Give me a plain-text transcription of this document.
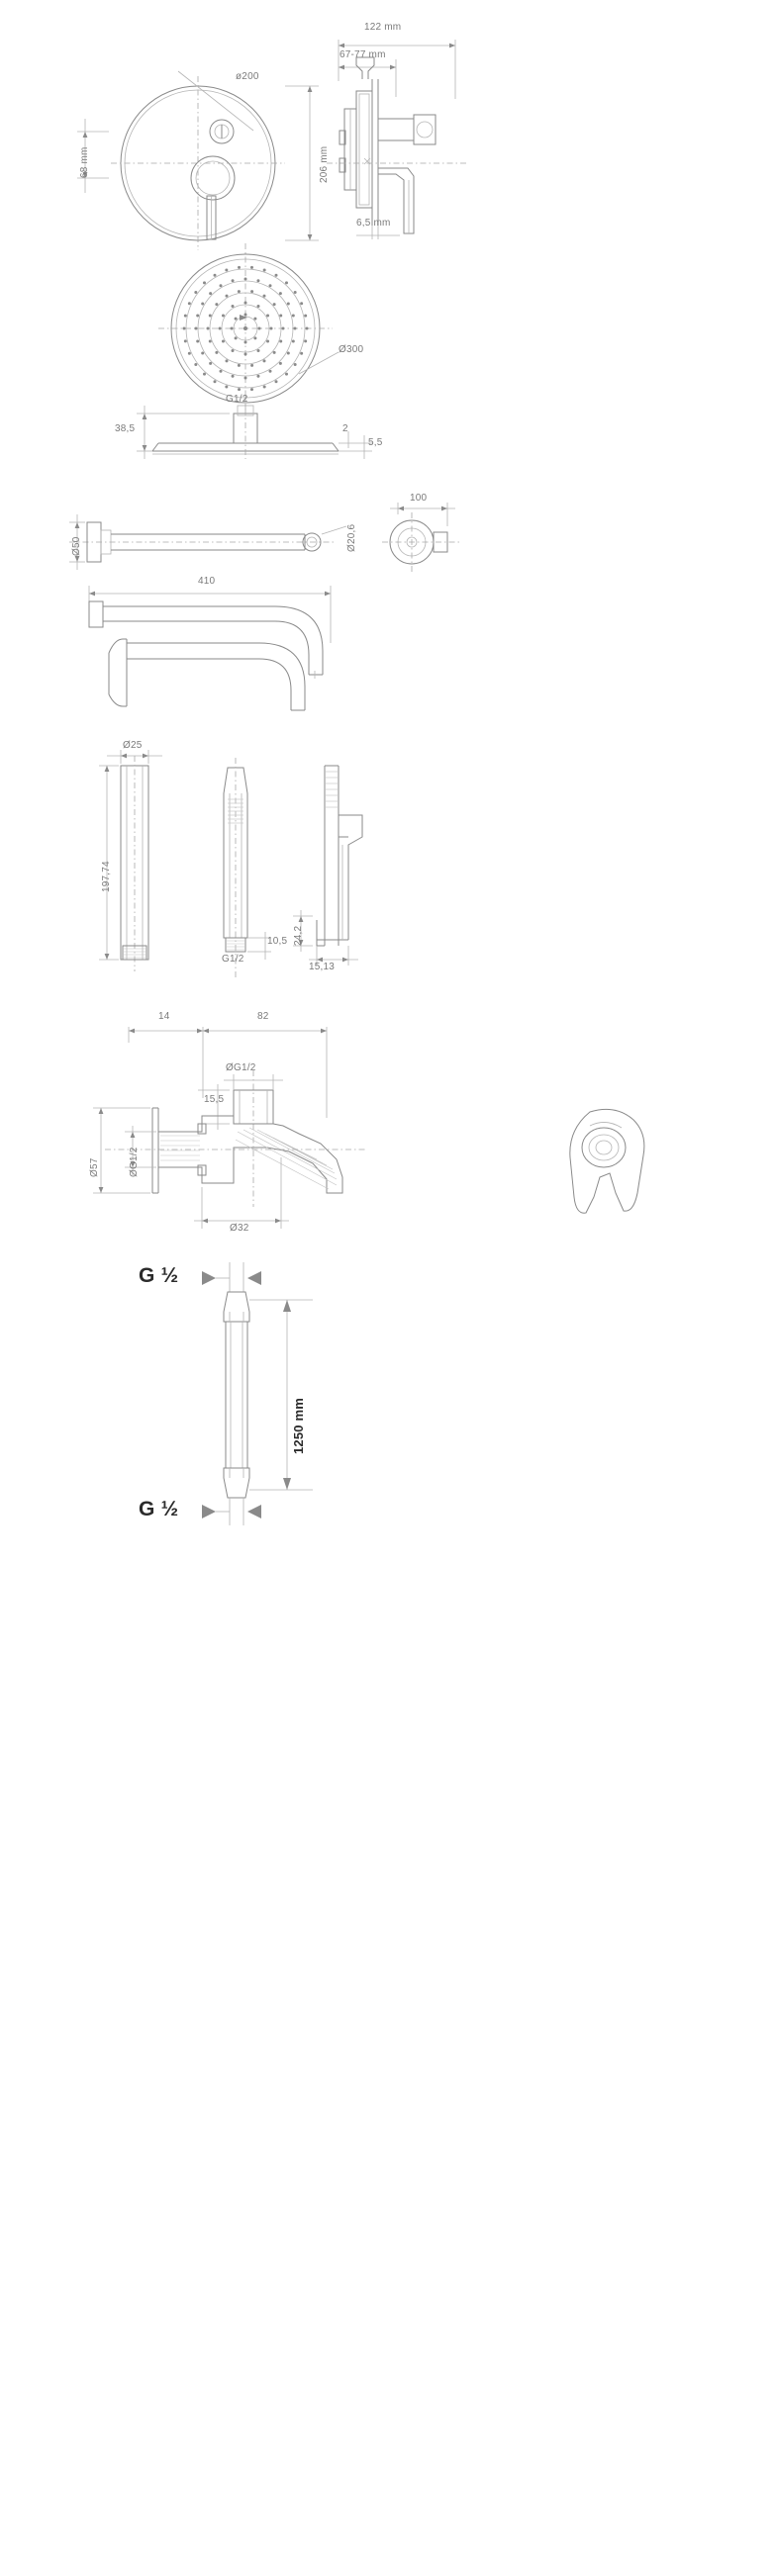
ø200
206 mm
68 mm
122 mm
67-77 mm
6,5 mm
Ø300
G1/2
38,5	2
5,5
Ø50	Ø20,6
100
410
Ø25
197,74
G1/2
10,5 24,2
15,13
14	82
ØG1/2
15,5
ØG1/2
Ø57
Ø32
G ½
1250 mm
G ½
